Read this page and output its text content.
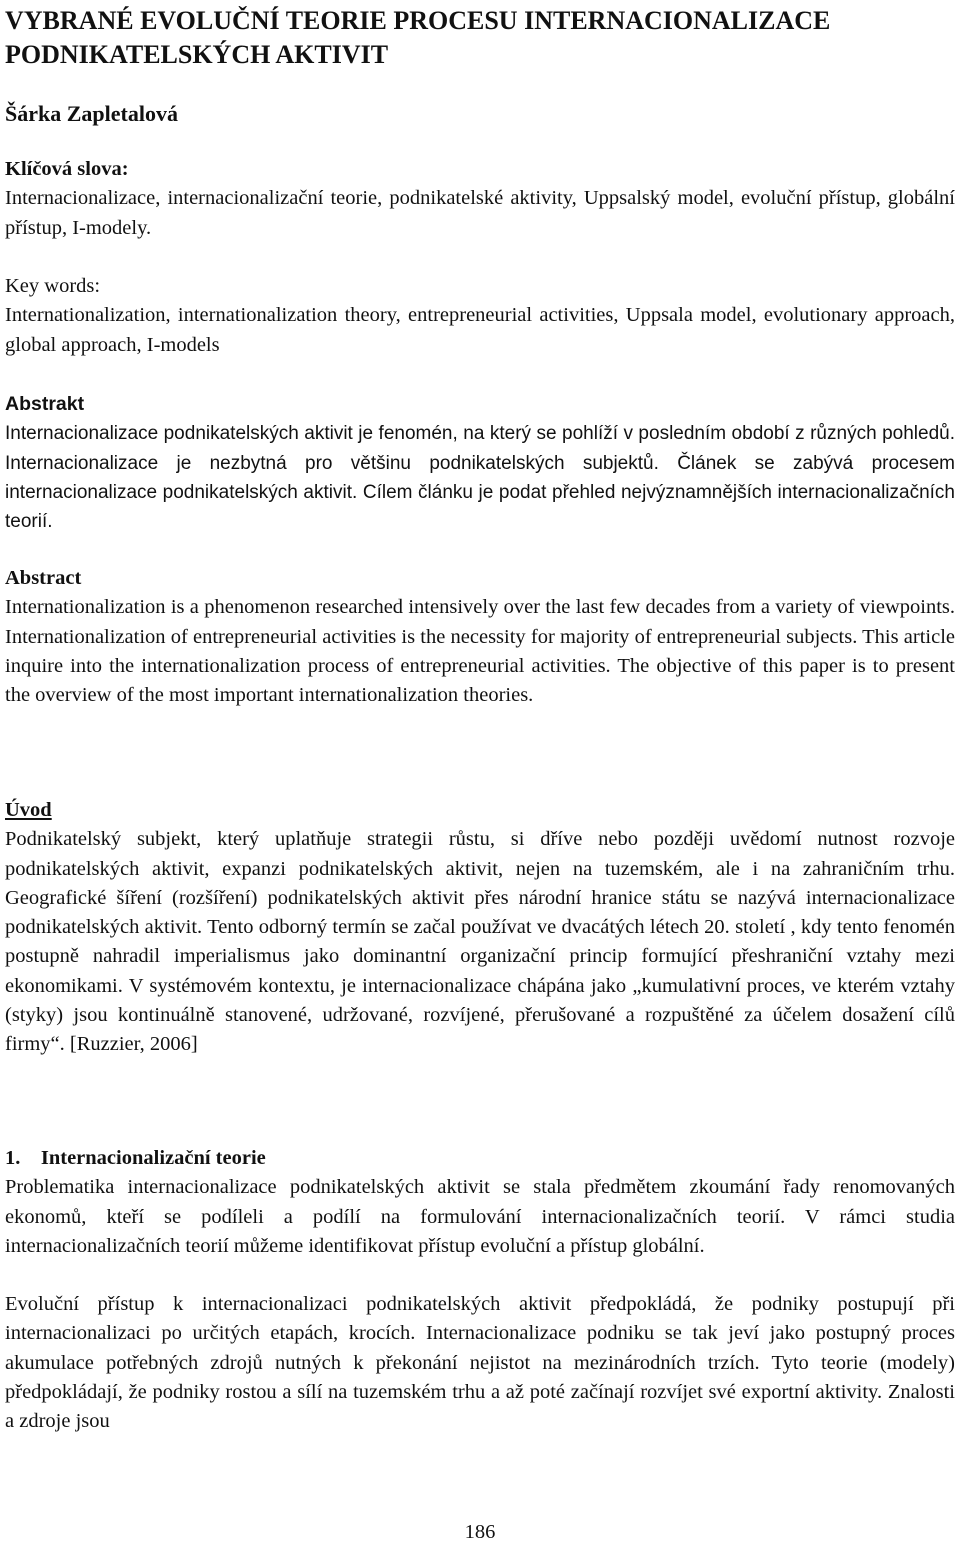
VYBRANÉ EVOLUČNÍ TEORIE PROCESU INTERNACIONALIZACE PODNIKATELSKÝCH AKTIVIT
Šárka Zapletalová
Klíčová slova:

Internacionalizace, internacionalizační teorie, podnikatelské aktivity, Uppsalský model, evoluční přístup, globální přístup, I-modely.

Key words:

Internationalization, internationalization theory, entrepreneurial activities, Uppsala model, evolutionary approach, global approach, I-models

Abstrakt

Internacionalizace podnikatelských aktivit je fenomén, na který se pohlíží v posledním období z různých pohledů. Internacionalizace je nezbytná pro většinu podnikatelských subjektů. Článek se zabývá procesem internacionalizace podnikatelských aktivit. Cílem článku je podat přehled nejvýznamnějších internacionalizačních teorií.

Abstract

Internationalization is a phenomenon researched intensively over the last few decades from a variety of viewpoints. Internationalization of entrepreneurial activities is the necessity for majority of entrepreneurial subjects. This article inquire into the internationalization process of entrepreneurial activities. The objective of this paper is to present the overview of the most important internationalization theories.

Úvod

Podnikatelský subjekt, který uplatňuje strategii růstu, si dříve nebo později uvědomí nutnost rozvoje podnikatelských aktivit, expanzi podnikatelských aktivit, nejen na tuzemském, ale i na zahraničním trhu. Geografické šíření (rozšíření) podnikatelských aktivit přes národní hranice státu se nazývá internacionalizace podnikatelských aktivit. Tento odborný termín se začal používat ve dvacátých létech 20. století , kdy tento fenomén postupně nahradil imperialismus jako dominantní organizační princip formující přeshraniční vztahy mezi ekonomikami. V systémovém kontextu, je internacionalizace chápána jako „kumulativní proces, ve kterém vztahy (styky) jsou kontinuálně stanovené, udržované, rozvíjené, přerušované a rozpuštěné za účelem dosažení cílů firmy“. [Ruzzier, 2006]

1. Internacionalizační teorie

Problematika internacionalizace podnikatelských aktivit se stala předmětem zkoumání řady renomovaných ekonomů, kteří se podíleli a podílí na formulování internacionalizačních teorií. V rámci studia internacionalizačních teorií můžeme identifikovat přístup evoluční a přístup globální.

Evoluční přístup k internacionalizaci podnikatelských aktivit předpokládá, že podniky postupují při internacionalizaci po určitých etapách, krocích. Internacionalizace podniku se tak jeví jako postupný proces akumulace potřebných zdrojů nutných k překonání nejistot na mezinárodních trzích. Tyto teorie (modely) předpokládají, že podniky rostou a sílí na tuzemském trhu a až poté začínají rozvíjet své exportní aktivity. Znalosti a zdroje jsou

186
